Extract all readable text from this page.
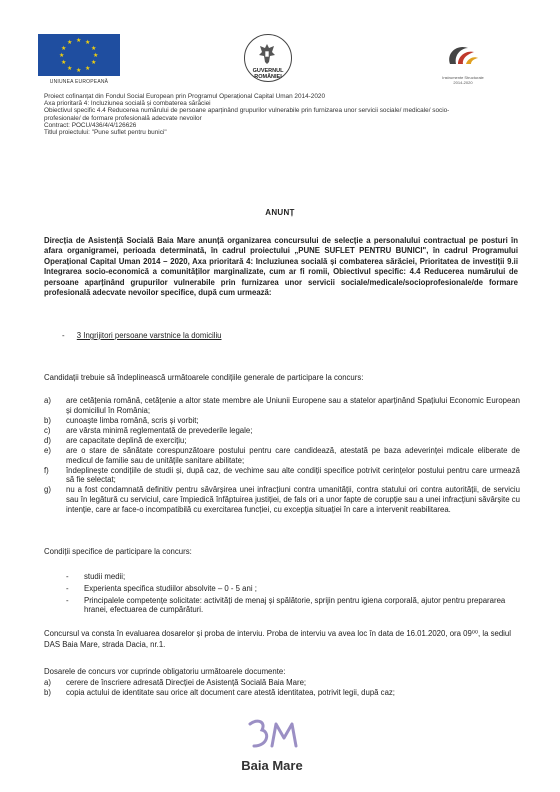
★ ★
★
★
★
★
★
★
★
★
★
★
UNIUNEA EUROPEANĂ
GUVERNUL ROMÂNIEI	Instrumente Structurale
2014-2020
Proiect cofinanțat din Fondul Social European prin Programul Operațional Capital Uman 2014-2020
Axa prioritară 4: Incluziunea socială și combaterea sărăciei
Obiectivul specific 4.4 Reducerea numărului de persoane aparținând grupurilor vulnerabile prin furnizarea unor servicii sociale/ medicale/ socio-
profesionale/ de formare profesională adecvate nevoilor
Contract: POCU/436/4/4/126626
Titlul proiectului: "Pune suflet pentru bunici"
ANUNȚ
Direcția de Asistență Socială Baia Mare anunță organizarea concursului de selecție a personalului contractual pe posturi în afara organigramei, perioada determinată, în cadrul proiectului „PUNE SUFLET PENTRU BUNICI", în cadrul Programului Operațional Capital Uman 2014 – 2020, Axa prioritară 4: Incluziunea socială și combaterea sărăciei, Prioritatea de investiții 9.ii Integrarea socio-economică a comunităților marginalizate, cum ar fi romii, Obiectivul specific: 4.4 Reducerea numărului de persoane aparținând grupurilor vulnerabile prin furnizarea unor servicii sociale/medicale/socioprofesionale/de formare profesională adecvate nevoilor specifice, după cum urmează:
- 3 Ingrijitori persoane varstnice la domiciliu
Candidații trebuie să îndeplinească următoarele condițiile generale de participare la concurs:
a)	are cetățenia română, cetățenie a altor state membre ale Uniunii Europene sau a statelor aparținând Spațiului Economic European și domiciliul în România;
b)	cunoaște limba română, scris și vorbit;
c)	are vârsta minimă reglementată de prevederile legale;
d)	are capacitate deplină de exercițiu;
e)	are o stare de sănătate corespunzătoare postului pentru care candidează, atestată pe baza adeverinței mdicale eliberate de medicul de familie sau de unitățile sanitare abilitate;
f)	îndeplinește condițiile de studii și, după caz, de vechime sau alte condiții specifice potrivit cerințelor postului pentru care urmează să fie selectat;
g)	nu a fost condamnată definitiv pentru săvârșirea unei infracțiuni contra umanității, contra statului ori contra autorității, de serviciu sau în legătură cu serviciul, care împiedică înfăptuirea justiției, de fals ori a unor fapte de corupție sau a unei infracțiuni săvârșite cu intenție, care ar face-o incompatibilă cu exercitarea funcției, cu excepția situației în care a intervenit reabilitarea.
Condiții specifice de participare la concurs:
-	studii medii;
-	Experienta specifica studiilor absolvite – 0 - 5 ani ;
-	Principalele competențe solicitate: activități de menaj și spălătorie, sprijin pentru igiena corporală, ajutor pentru prepararea hranei, efectuarea de cumpărături.
Concursul va consta în evaluarea dosarelor și proba de interviu. Proba de interviu va avea loc în data de 16.01.2020, ora 09⁰⁰, la sediul DAS Baia Mare, strada Dacia, nr.1.
Dosarele de concurs vor cuprinde obligatoriu următoarele documente:
a)	cerere de înscriere adresată Direcției de Asistență Socială Baia Mare;
b)	copia actului de identitate sau orice alt document care atestă identitatea, potrivit legii, după caz;
Baia Mare
